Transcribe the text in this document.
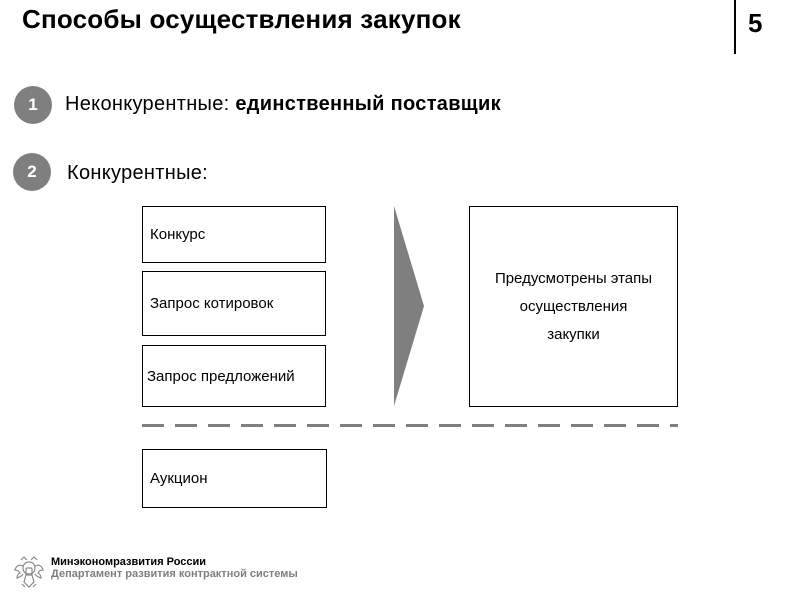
Способы осуществления закупок	5
1	Неконкурентные: единственный поставщик
2	Конкурентные:
Конкурс
Запрос котировок
Запрос предложений
Предусмотрены этапы
осуществления
закупки
Аукцион
Минэкономразвития России
Департамент развития контрактной системы
